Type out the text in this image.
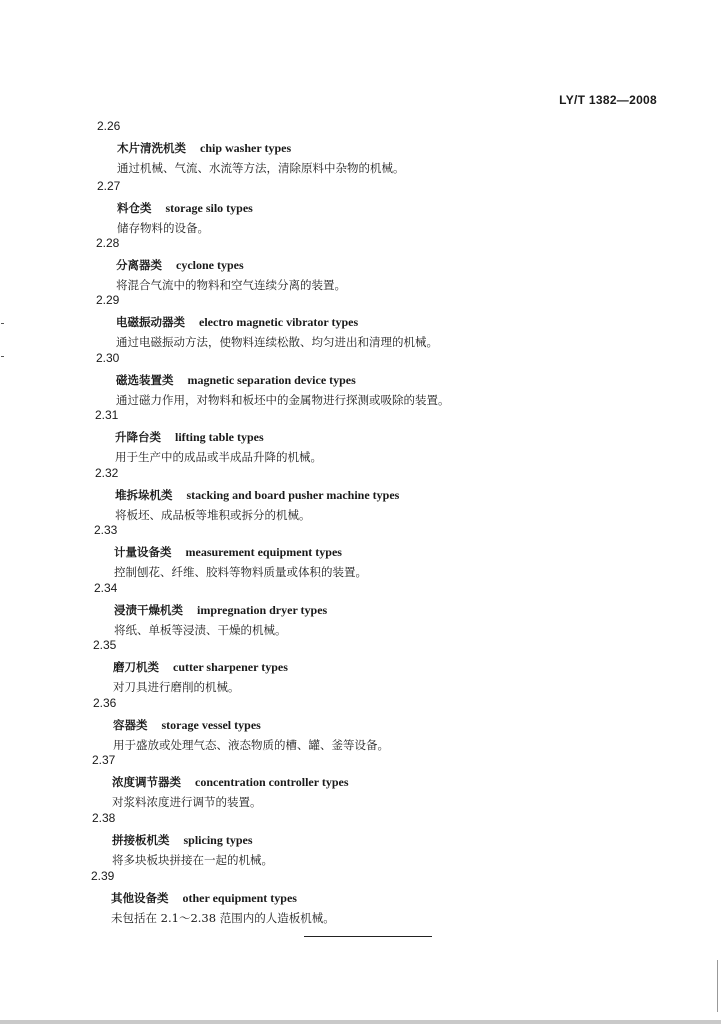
LY/T 1382—2008
2.26
木片清洗机类 chip washer types
通过机械、气流、水流等方法，清除原料中杂物的机械。
2.27
料仓类 storage silo types
储存物料的设备。
2.28
分离器类 cyclone types
将混合气流中的物料和空气连续分离的装置。
2.29
电磁振动器类 electro magnetic vibrator types
通过电磁振动方法，使物料连续松散、均匀进出和清理的机械。
2.30
磁选装置类 magnetic separation device types
通过磁力作用，对物料和板坯中的金属物进行探测或吸除的装置。
2.31
升降台类 lifting table types
用于生产中的成品或半成品升降的机械。
2.32
堆拆垛机类 stacking and board pusher machine types
将板坯、成品板等堆积或拆分的机械。
2.33
计量设备类 measurement equipment types
控制刨花、纤维、胶料等物料质量或体积的装置。
2.34
浸渍干燥机类 impregnation dryer types
将纸、单板等浸渍、干燥的机械。
2.35
磨刀机类 cutter sharpener types
对刀具进行磨削的机械。
2.36
容器类 storage vessel types
用于盛放或处理气态、液态物质的槽、罐、釜等设备。
2.37
浓度调节器类 concentration controller types
对浆料浓度进行调节的装置。
2.38
拼接板机类 splicing types
将多块板块拼接在一起的机械。
2.39
其他设备类 other equipment types
未包括在 2.1～2.38 范围内的人造板机械。
